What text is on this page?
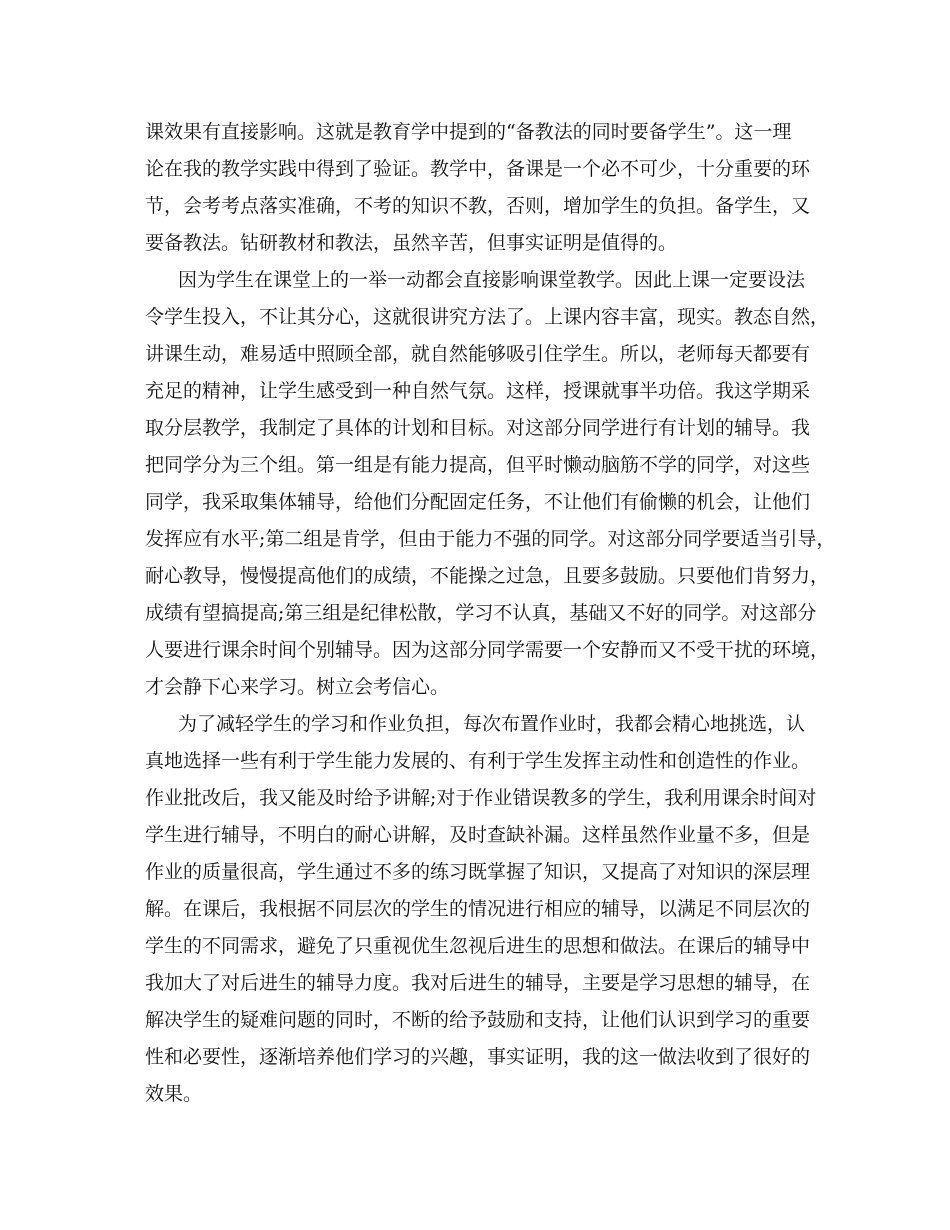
课效果有直接影响。这就是教育学中提到的“备教法的同时要备学生”。这一理
论在我的教学实践中得到了验证。教学中，备课是一个必不可少，十分重要的环
节，会考考点落实准确，不考的知识不教，否则，增加学生的负担。备学生，又
要备教法。钻研教材和教法，虽然辛苦，但事实证明是值得的。
因为学生在课堂上的一举一动都会直接影响课堂教学。因此上课一定要设法
令学生投入，不让其分心，这就很讲究方法了。上课内容丰富，现实。教态自然，
讲课生动，难易适中照顾全部，就自然能够吸引住学生。所以，老师每天都要有
充足的精神，让学生感受到一种自然气氛。这样，授课就事半功倍。我这学期采
取分层教学，我制定了具体的计划和目标。对这部分同学进行有计划的辅导。我
把同学分为三个组。第一组是有能力提高，但平时懒动脑筋不学的同学，对这些
同学，我采取集体辅导，给他们分配固定任务，不让他们有偷懒的机会，让他们
发挥应有水平;第二组是肯学，但由于能力不强的同学。对这部分同学要适当引导，
耐心教导，慢慢提高他们的成绩，不能操之过急，且要多鼓励。只要他们肯努力，
成绩有望搞提高;第三组是纪律松散，学习不认真，基础又不好的同学。对这部分
人要进行课余时间个别辅导。因为这部分同学需要一个安静而又不受干扰的环境，
才会静下心来学习。树立会考信心。
为了减轻学生的学习和作业负担，每次布置作业时，我都会精心地挑选，认
真地选择一些有利于学生能力发展的、有利于学生发挥主动性和创造性的作业。
作业批改后，我又能及时给予讲解;对于作业错误教多的学生，我利用课余时间对
学生进行辅导，不明白的耐心讲解，及时查缺补漏。这样虽然作业量不多，但是
作业的质量很高，学生通过不多的练习既掌握了知识，又提高了对知识的深层理
解。在课后，我根据不同层次的学生的情况进行相应的辅导，以满足不同层次的
学生的不同需求，避免了只重视优生忽视后进生的思想和做法。在课后的辅导中
我加大了对后进生的辅导力度。我对后进生的辅导，主要是学习思想的辅导，在
解决学生的疑难问题的同时，不断的给予鼓励和支持，让他们认识到学习的重要
性和必要性，逐渐培养他们学习的兴趣，事实证明，我的这一做法收到了很好的
效果。
